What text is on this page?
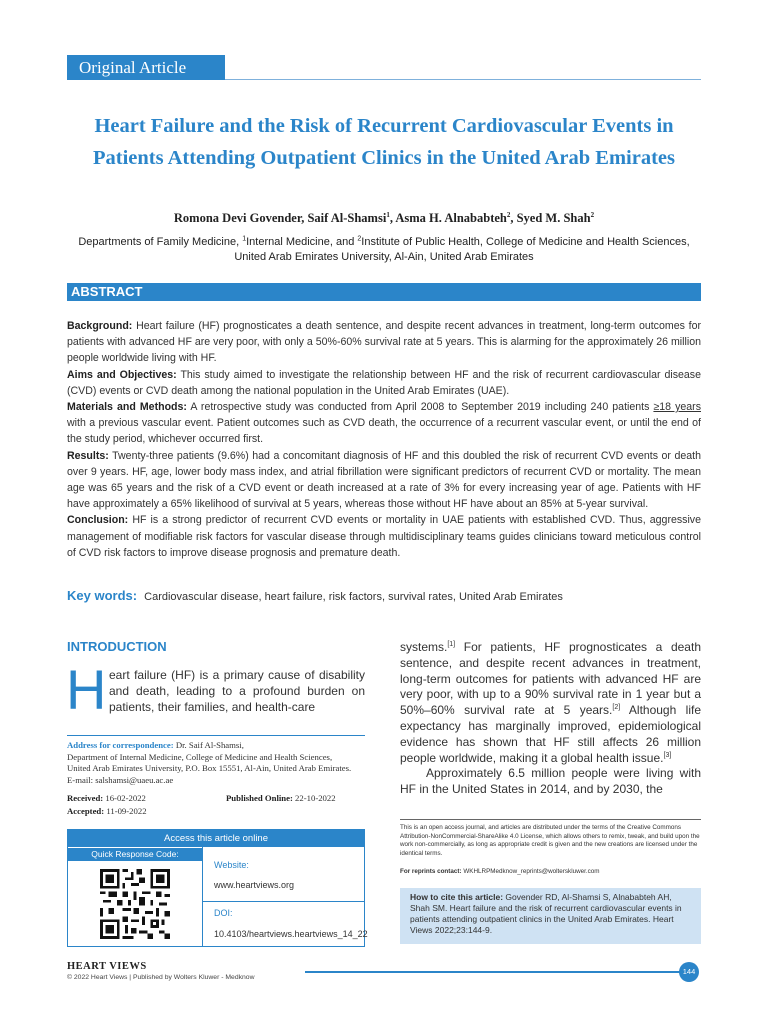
Original Article
Heart Failure and the Risk of Recurrent Cardiovascular Events in Patients Attending Outpatient Clinics in the United Arab Emirates
Romona Devi Govender, Saif Al-Shamsi$^1$, Asma H. Alnababteh$^2$, Syed M. Shah$^2$
Departments of Family Medicine, $^1$Internal Medicine, and $^2$Institute of Public Health, College of Medicine and Health Sciences,
United Arab Emirates University, Al-Ain, United Arab Emirates
ABSTRACT

Background: Heart failure (HF) prognosticates a death sentence, and despite recent advances in treatment, long-term outcomes for patients with advanced HF are very poor, with only a 50%-60% survival rate at 5 years. This is alarming for the approximately 26 million people worldwide living with HF.

Aims and Objectives: This study aimed to investigate the relationship between HF and the risk of recurrent cardiovascular disease (CVD) events or CVD death among the national population in the United Arab Emirates (UAE).

Materials and Methods: A retrospective study was conducted from April 2008 to September 2019 including 240 patients ≥18 years with a previous vascular event. Patient outcomes such as CVD death, the occurrence of a recurrent vascular event, or until the end of the study period, whichever occurred first.

Results: Twenty-three patients (9.6%) had a concomitant diagnosis of HF and this doubled the risk of recurrent CVD events or death over 9 years. HF, age, lower body mass index, and atrial fibrillation were significant predictors of recurrent CVD or mortality. The mean age was 65 years and the risk of a CVD event or death increased at a rate of 3% for every increasing year of age. Patients with HF have approximately a 65% likelihood of survival at 5 years, whereas those without HF have about an 85% at 5-year survival.

Conclusion: HF is a strong predictor of recurrent CVD events or mortality in UAE patients with established CVD. Thus, aggressive management of modifiable risk factors for vascular disease through multidisciplinary teams guides clinicians toward meticulous control of CVD risk factors to improve disease prognosis and premature death.

Key words: Cardiovascular disease, heart failure, risk factors, survival rates, United Arab Emirates
INTRODUCTION
H eart failure (HF) is a primary cause of disability and death, leading to a profound burden on patients, their families, and health-care
Address for correspondence: Dr. Saif Al-Shamsi,
Department of Internal Medicine, College of Medicine and Health Sciences,
United Arab Emirates University, P.O. Box 15551, Al-Ain, United Arab Emirates.
E-mail: salshamsi@uaeu.ac.ae
Received: 16-02-2022	Published Online: 22-10-2022
Accepted: 11-09-2022
Access this article online
Quick Response Code:
Website:
www.heartviews.org
DOI:
10.4103/heartviews.heartviews_14_22
systems.[1] For patients, HF prognosticates a death sentence, and despite recent advances in treatment, long-term outcomes for patients with advanced HF are very poor, with up to a 90% survival rate in 1 year but a 50%–60% survival rate at 5 years.[2] Although life expectancy has marginally improved, epidemiological evidence has shown that HF still affects 26 million people worldwide, making it a global health issue.[3]
Approximately 6.5 million people were living with HF in the United States in 2014, and by 2030, the
This is an open access journal, and articles are distributed under the terms of the Creative Commons Attribution-NonCommercial-ShareAlike 4.0 License, which allows others to remix, tweak, and build upon the work non-commercially, as long as appropriate credit is given and the new creations are licensed under the identical terms.
For reprints contact: WKHLRPMedknow_reprints@wolterskluwer.com
How to cite this article: Govender RD, Al-Shamsi S, Alnababteh AH, Shah SM. Heart failure and the risk of recurrent cardiovascular events in patients attending outpatient clinics in the United Arab Emirates. Heart Views 2022;23:144-9.
HEART VIEWS
© 2022 Heart Views | Published by Wolters Kluwer - Medknow
144
